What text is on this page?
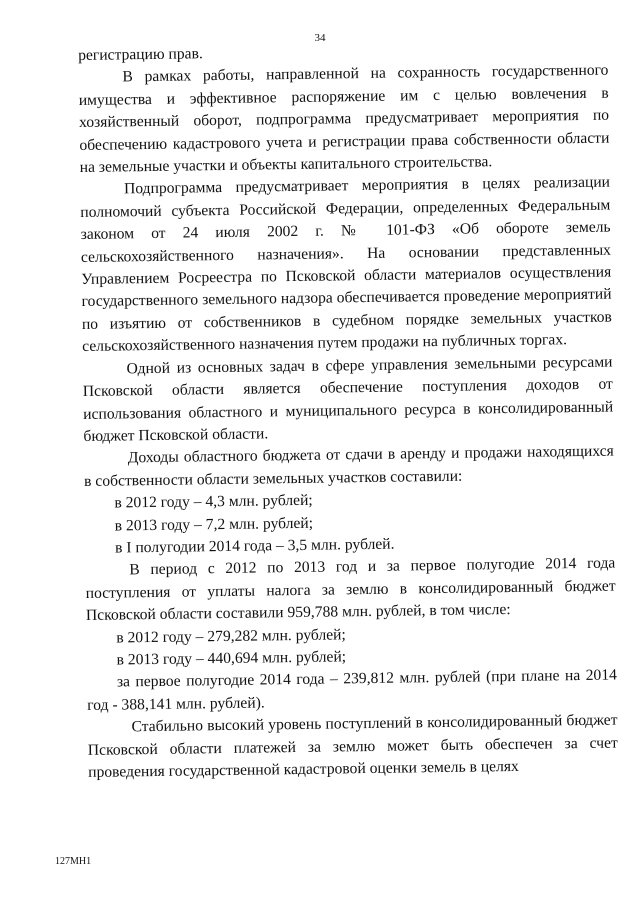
34

регистрацию прав.

В рамках работы, направленной на сохранность государственного имущества и эффективное распоряжение им с целью вовлечения в хозяйственный оборот, подпрограмма предусматривает мероприятия по обеспечению кадастрового учета и регистрации права собственности области на земельные участки и объекты капитального строительства.

Подпрограмма предусматривает мероприятия в целях реализации полномочий субъекта Российской Федерации, определенных Федеральным законом от 24 июля 2002 г. № 101-ФЗ «Об обороте земель сельскохозяйственного назначения». На основании представленных Управлением Росреестра по Псковской области материалов осуществления государственного земельного надзора обеспечивается проведение мероприятий по изъятию от собственников в судебном порядке земельных участков сельскохозяйственного назначения путем продажи на публичных торгах.

Одной из основных задач в сфере управления земельными ресурсами Псковской области является обеспечение поступления доходов от использования областного и муниципального ресурса в консолидированный бюджет Псковской области.

Доходы областного бюджета от сдачи в аренду и продажи находящихся в собственности области земельных участков составили:

в 2012 году – 4,3 млн. рублей;

в 2013 году – 7,2 млн. рублей;

в I полугодии 2014 года – 3,5 млн. рублей.

В период с 2012 по 2013 год и за первое полугодие 2014 года поступления от уплаты налога за землю в консолидированный бюджет Псковской области составили 959,788 млн. рублей, в том числе:

в 2012 году – 279,282 млн. рублей;

в 2013 году – 440,694 млн. рублей;

за первое полугодие 2014 года – 239,812 млн. рублей (при плане на 2014 год - 388,141 млн. рублей).

Стабильно высокий уровень поступлений в консолидированный бюджет Псковской области платежей за землю может быть обеспечен за счет проведения государственной кадастровой оценки земель в целях

127МН1
